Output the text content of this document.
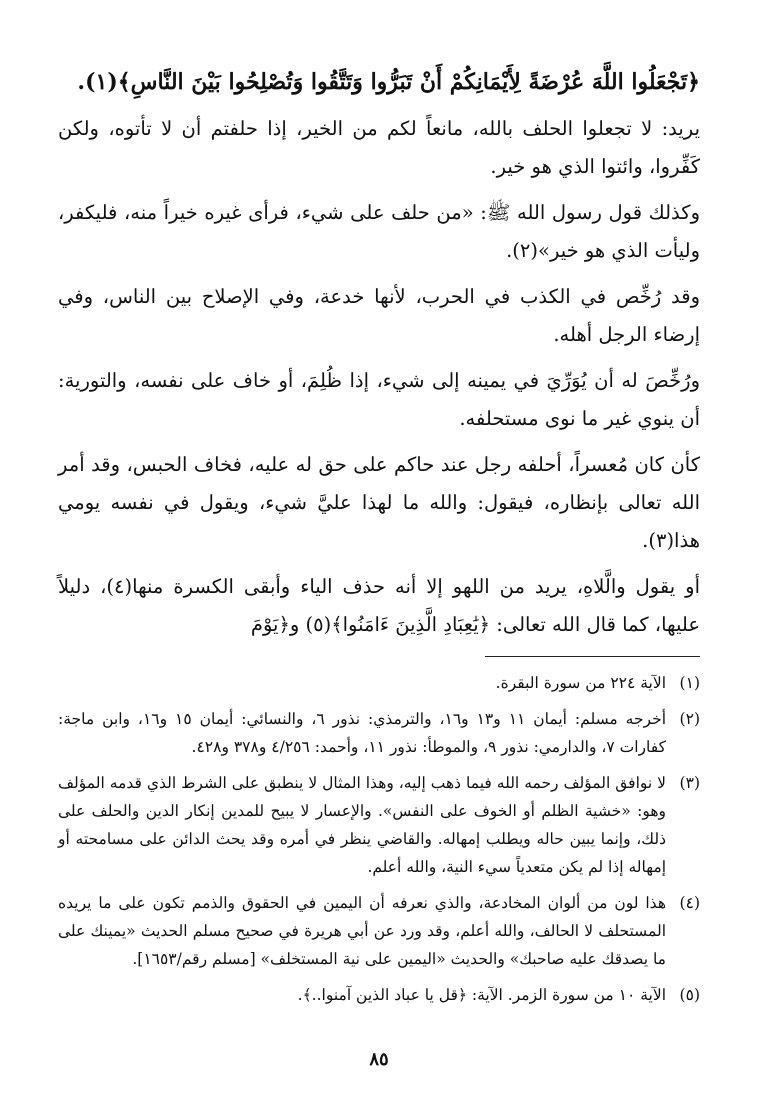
﴿تَجْعَلُوا اللَّهَ عُرْضَةً لِأَيْمَانِكُمْ أَنْ تَبَرُّوا وَتَتَّقُوا وَتُصْلِحُوا بَيْنَ النَّاسِ﴾(١).

يريد: لا تجعلوا الحلف بالله، مانعاً لكم من الخير، إذا حلفتم أن لا تأتوه، ولكن كَفِّروا، وائتوا الذي هو خير.

وكذلك قول رسول الله ﷺ: «من حلف على شيء، فرأى غيره خيراً منه، فليكفر، وليأت الذي هو خير»(٢).

وقد رُخِّص في الكذب في الحرب، لأنها خدعة، وفي الإصلاح بين الناس، وفي إرضاء الرجل أهله.

ورُخِّصَ له أن يُوَرِّيَ في يمينه إلى شيء، إذا ظُلِمَ، أو خاف على نفسه، والتورية: أن ينوي غير ما نوى مستحلفه.

كأن كان مُعسراً، أحلفه رجل عند حاكم على حق له عليه، فخاف الحبس، وقد أمر الله تعالى بإنظاره، فيقول: والله ما لهذا عليَّ شيء، ويقول في نفسه يومي هذا(٣).

أو يقول والَّلاهِ، يريد من اللهو إلا أنه حذف الياء وأبقى الكسرة منها(٤)، دليلاً عليها، كما قال الله تعالى: ﴿يَٰعِبَادِ الَّذِينَ ءَامَنُوا﴾(٥) و﴿يَوْمَ

(١)
الآية ٢٢٤ من سورة البقرة.
(٢)
أخرجه مسلم: أيمان ١١ و١٣ و١٦، والترمذي: نذور ٦، والنسائي: أيمان ١٥ و١٦، وابن ماجة: كفارات ٧، والدارمي: نذور ٩، والموطأ: نذور ١١، وأحمد: ٤/٢٥٦ و٣٧٨ و٤٢٨.
(٣)
لا نوافق المؤلف رحمه الله فيما ذهب إليه، وهذا المثال لا ينطبق على الشرط الذي قدمه المؤلف وهو: «خشية الظلم أو الخوف على النفس». والإعسار لا يبيح للمدين إنكار الدين والحلف على ذلك، وإنما يبين حاله ويطلب إمهاله. والقاضي ينظر في أمره وقد يحث الدائن على مسامحته أو إمهاله إذا لم يكن متعدياً سيء النية، والله أعلم.
(٤)
هذا لون من ألوان المخادعة، والذي نعرفه أن اليمين في الحقوق والذمم تكون على ما يريده المستحلف لا الحالف، والله أعلم، وقد ورد عن أبي هريرة في صحيح مسلم الحديث «يمينك على ما يصدقك عليه صاحبك» والحديث «اليمين على نية المستخلف» [مسلم رقم/١٦٥٣].
(٥)
الآية ١٠ من سورة الزمر. الآية: ﴿قل يا عباد الذين آمنوا..﴾.
٨٥
